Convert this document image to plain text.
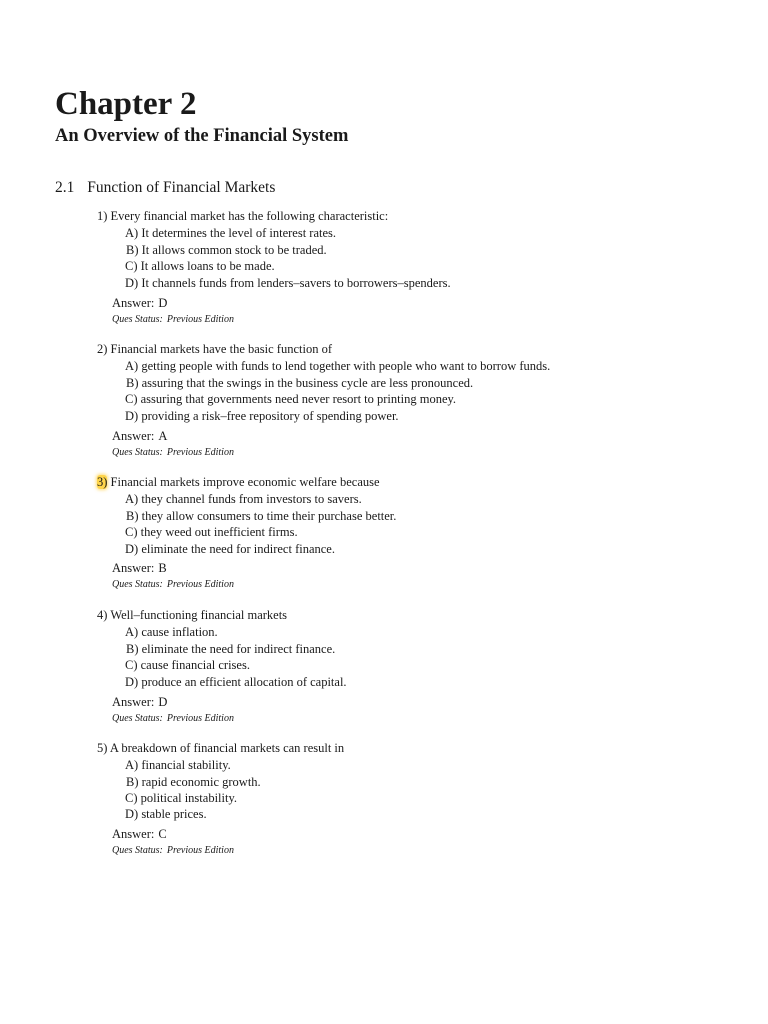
Chapter 2
An Overview of the Financial System
2.1 Function of Financial Markets
1) Every financial market has the following characteristic:
A) It determines the level of interest rates.
B) It allows common stock to be traded.
C) It allows loans to be made.
D) It channels funds from lenders–savers to borrowers–spenders.
Answer: D
Ques Status: Previous Edition
2) Financial markets have the basic function of
A) getting people with funds to lend together with people who want to borrow funds.
B) assuring that the swings in the business cycle are less pronounced.
C) assuring that governments need never resort to printing money.
D) providing a risk–free repository of spending power.
Answer: A
Ques Status: Previous Edition
3) Financial markets improve economic welfare because
A) they channel funds from investors to savers.
B) they allow consumers to time their purchase better.
C) they weed out inefficient firms.
D) eliminate the need for indirect finance.
Answer: B
Ques Status: Previous Edition
4) Well–functioning financial markets
A) cause inflation.
B) eliminate the need for indirect finance.
C) cause financial crises.
D) produce an efficient allocation of capital.
Answer: D
Ques Status: Previous Edition
5) A breakdown of financial markets can result in
A) financial stability.
B) rapid economic growth.
C) political instability.
D) stable prices.
Answer: C
Ques Status: Previous Edition
